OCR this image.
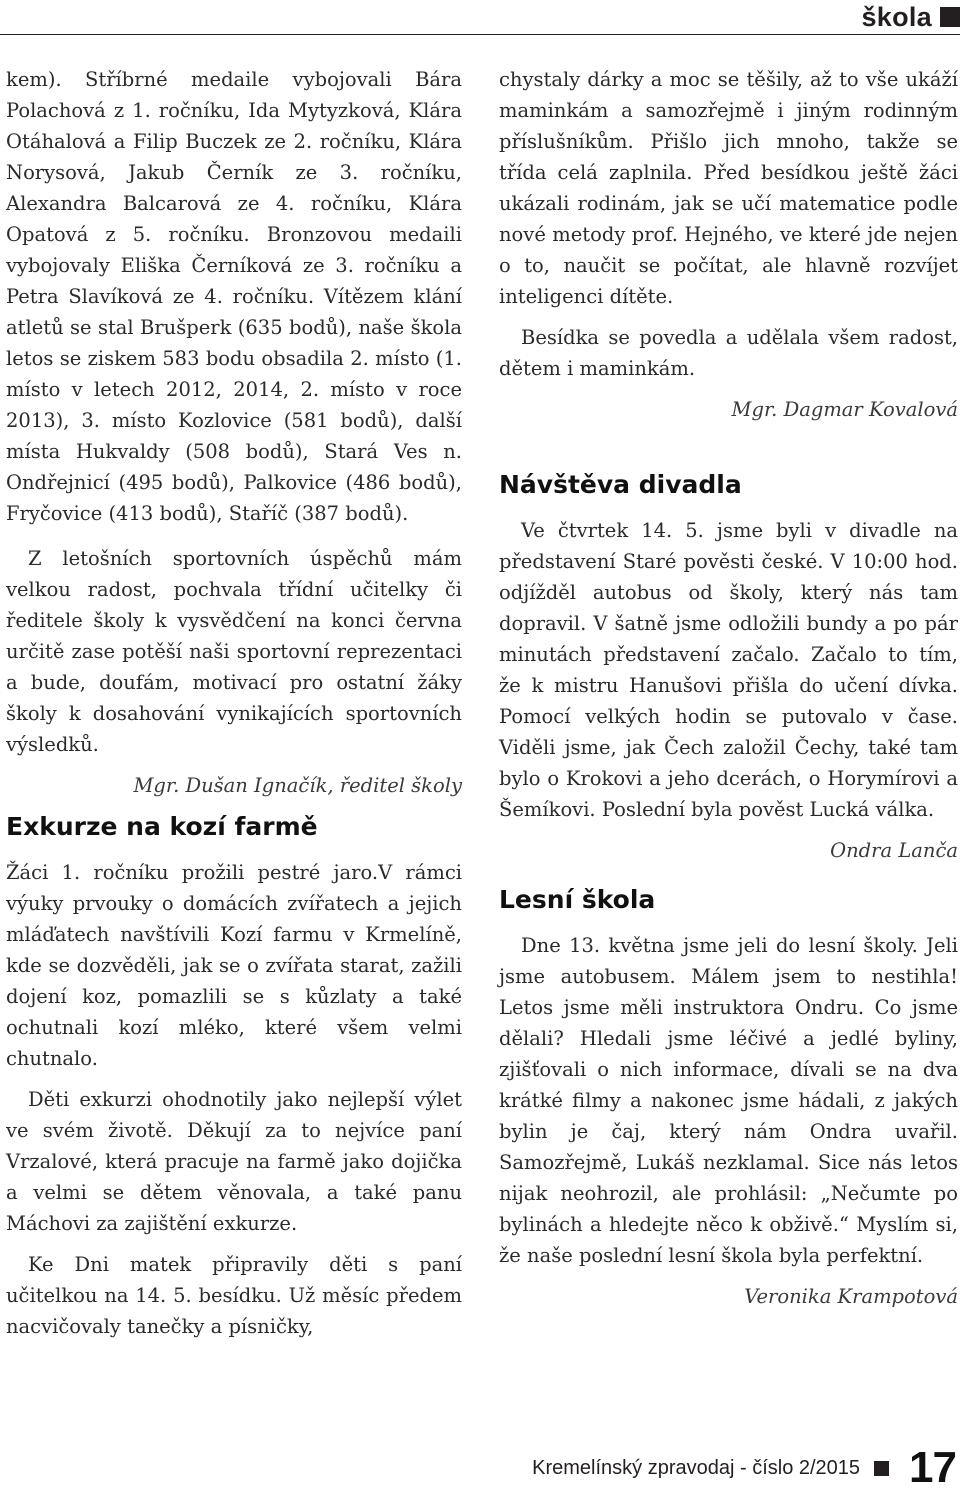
škola

kem). Stříbrné medaile vybojovali Bára Polachová z 1. ročníku, Ida Mytyzková, Klára Otáhalová a Filip Buczek ze 2. ročníku, Klára Norysová, Jakub Černík ze 3. ročníku, Alexandra Balcarová ze 4. ročníku, Klára Opatová z 5. ročníku. Bronzovou medaili vybojovaly Eliška Černíková ze 3. ročníku a Petra Slavíková ze 4. ročníku. Vítězem klání atletů se stal Brušperk (635 bodů), naše škola letos se ziskem 583 bodu obsadila 2. místo (1. místo v letech 2012, 2014, 2. místo v roce 2013), 3. místo Kozlovice (581 bodů), další místa Hukvaldy (508 bodů), Stará Ves n. Ondřejnicí (495 bodů), Palkovice (486 bodů), Fryčovice (413 bodů), Staříč (387 bodů).

Z letošních sportovních úspěchů mám velkou radost, pochvala třídní učitelky či ředitele školy k vysvědčení na konci června určitě zase potěší naši sportovní reprezentaci a bude, doufám, motivací pro ostatní žáky školy k dosahování vynikajících sportovních výsledků.

Mgr. Dušan Ignačík, ředitel školy

Exkurze na kozí farmě

Žáci 1. ročníku prožili pestré jaro.V rámci výuky prvouky o domácích zvířatech a jejich mláďatech navštívili Kozí farmu v Krmelíně, kde se dozvěděli, jak se o zvířata starat, zažili dojení koz, pomazlili se s kůzlaty a také ochutnali kozí mléko, které všem velmi chutnalo.

Děti exkurzi ohodnotily jako nejlepší výlet ve svém životě. Děkují za to nejvíce paní Vrzalové, která pracuje na farmě jako dojička a velmi se dětem věnovala, a také panu Máchovi za zajištění exkurze.

Ke Dni matek připravily děti s paní učitelkou na 14. 5. besídku. Už měsíc předem nacvičovaly tanečky a písničky,

chystaly dárky a moc se těšily, až to vše ukáží maminkám a samozřejmě i jiným rodinným příslušníkům. Přišlo jich mnoho, takže se třída celá zaplnila. Před besídkou ještě žáci ukázali rodinám, jak se učí matematice podle nové metody prof. Hejného, ve které jde nejen o to, naučit se počítat, ale hlavně rozvíjet inteligenci dítěte.

Besídka se povedla a udělala všem radost, dětem i maminkám.

Mgr. Dagmar Kovalová

Návštěva divadla

Ve čtvrtek 14. 5. jsme byli v divadle na představení Staré pověsti české. V 10:00 hod. odjížděl autobus od školy, který nás tam dopravil. V šatně jsme odložili bundy a po pár minutách představení začalo. Začalo to tím, že k mistru Hanušovi přišla do učení dívka. Pomocí velkých hodin se putovalo v čase. Viděli jsme, jak Čech založil Čechy, také tam bylo o Krokovi a jeho dcerách, o Horymírovi a Šemíkovi. Poslední byla pověst Lucká válka.

Ondra Lanča

Lesní škola

Dne 13. května jsme jeli do lesní školy. Jeli jsme autobusem. Málem jsem to nestihla! Letos jsme měli instruktora Ondru. Co jsme dělali? Hledali jsme léčivé a jedlé byliny, zjišťovali o nich informace, dívali se na dva krátké filmy a nakonec jsme hádali, z jakých bylin je čaj, který nám Ondra uvařil. Samozřejmě, Lukáš nezklamal. Sice nás letos nijak neohrozil, ale prohlásil: „Nečumte po bylinách a hledejte něco k obživě.“ Myslím si, že naše poslední lesní škola byla perfektní.

Veronika Krampotová

Kremelínský zpravodaj - číslo 2/2015 17
